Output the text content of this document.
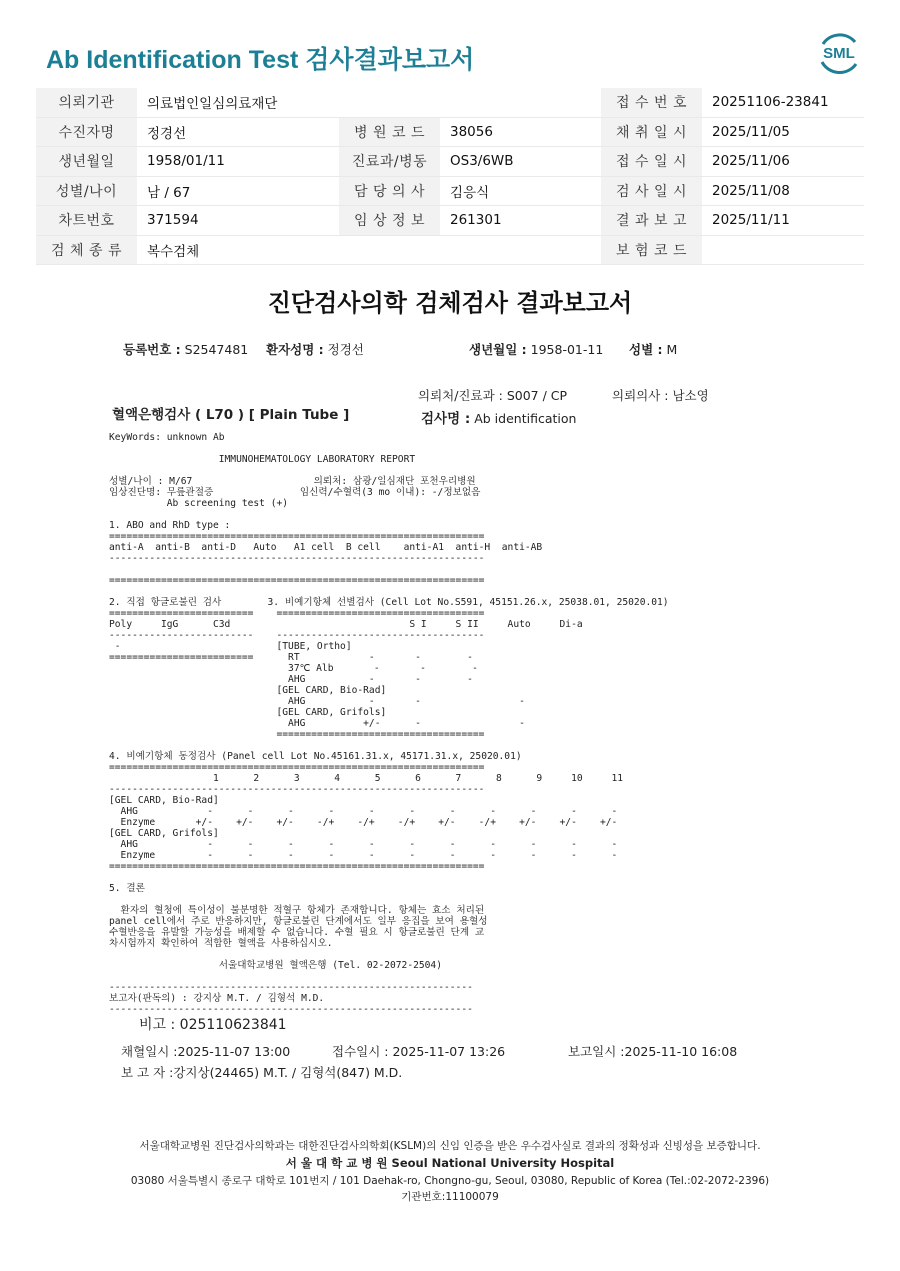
Ab Identification Test 검사결과보고서	SML
의뢰기관	의료법인일심의료재단			접 수 번 호	20251106-23841
수진자명	정경선	병 원 코 드	38056	채 취 일 시	2025/11/05
생년월일	1958/01/11	진료과/병동	OS3/6WB	접 수 일 시	2025/11/06
성별/나이	남 / 67	담 당 의 사	김응식	검 사 일 시	2025/11/08
차트번호	371594	임 상 정 보	261301	결 과 보 고	2025/11/11
검 체 종 류	복수검체			보 험 코 드	
진단검사의학 검체검사 결과보고서
등록번호 : S2547481 환자성명 : 정경선	생년월일 : 1958-01-11 성별 : M
의뢰처/진료과 : S007 / CP	의뢰의사 : 남소영
혈액은행검사 ( L70 ) [ Plain Tube ]	검사명 : Ab identification
KeyWords: unknown Ab

IMMUNOHEMATOLOGY LABORATORY REPORT

성별/나이 : M/67                     의뢰처: 삼광/일심재단 포천우리병원
임상진단명: 무릎관절증               임신력/수혈력(3 mo 이내): -/정보없음
Ab screening test (+)

1. ABO and RhD type :
=================================================================
anti-A  anti-B  anti-D   Auto   A1 cell  B cell    anti-A1  anti-H  anti-AB
-----------------------------------------------------------------

=================================================================

2. 직접 항글로불린 검사        3. 비예기항체 선별검사 (Cell Lot No.S591, 45151.26.x, 25038.01, 25020.01)
=========================    ====================================
Poly     IgG      C3d                               S I     S II     Auto     Di-a
-------------------------    ------------------------------------
-                           [TUBE, Ortho]
=========================      RT            -       -        -
37℃ Alb       -       -        -
AHG           -       -        -
[GEL CARD, Bio-Rad]
AHG           -       -                 -
[GEL CARD, Grifols]
AHG          +/-      -                 -
====================================

4. 비예기항체 동정검사 (Panel cell Lot No.45161.31.x, 45171.31.x, 25020.01)
=================================================================
1      2      3      4      5      6      7      8      9     10     11
-----------------------------------------------------------------
[GEL CARD, Bio-Rad]
AHG            -      -      -      -      -      -      -      -      -      -      -
Enzyme       +/-    +/-    +/-    -/+    -/+    -/+    +/-    -/+    +/-    +/-    +/-
[GEL CARD, Grifols]
AHG            -      -      -      -      -      -      -      -      -      -      -
Enzyme         -      -      -      -      -      -      -      -      -      -      -
=================================================================

5. 결론

환자의 혈청에 특이성이 불분명한 적혈구 항체가 존재합니다. 항체는 효소 처리된
panel cell에서 주로 반응하지만, 항글로불린 단계에서도 일부 응집을 보여 용혈성
수혈반응을 유발할 가능성을 배제할 수 없습니다. 수혈 필요 시 항글로불린 단계 교
차시험까지 확인하여 적합한 혈액을 사용하십시오.

서울대학교병원 혈액은행 (Tel. 02-2072-2504)

---------------------------------------------------------------
보고자(판독의) : 강지상 M.T. / 김형석 M.D.
---------------------------------------------------------------
비고 : 025110623841
채혈일시 :2025-11-07 13:00	접수일시 : 2025-11-07 13:26	보고일시 :2025-11-10 16:08
보 고 자 :강지상(24465) M.T. / 김형석(847) M.D.
서울대학교병원 진단검사의학과는 대한진단검사의학회(KSLM)의 신임 인증을 받은 우수검사실로 결과의 정확성과 신빙성을 보증합니다.
서 울 대 학 교 병 원 Seoul National University Hospital
03080 서울특별시 종로구 대학로 101번지 / 101 Daehak-ro, Chongno-gu, Seoul, 03080, Republic of Korea (Tel.:02-2072-2396)
기관번호:11100079
